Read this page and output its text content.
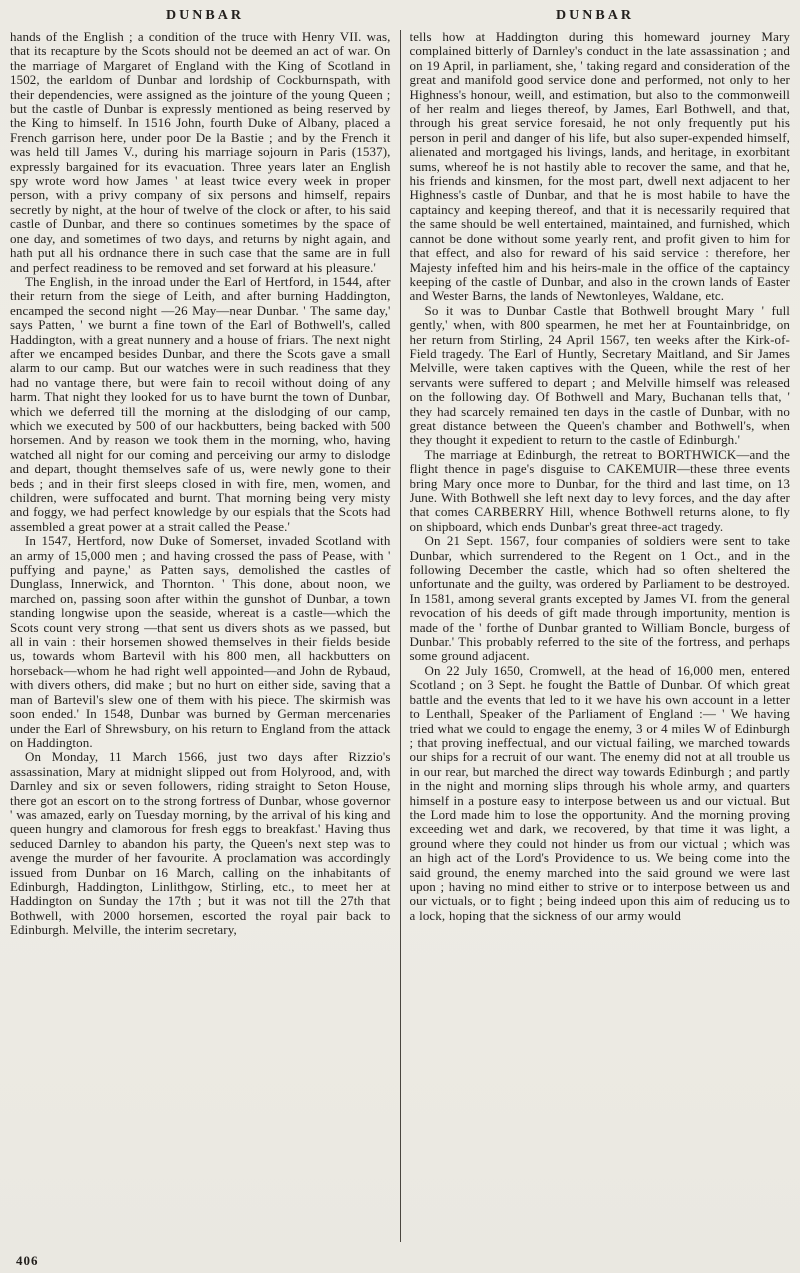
DUNBAR	DUNBAR

hands of the English ; a condition of the truce with Henry VII. was, that its recapture by the Scots should not be deemed an act of war. On the marriage of Margaret of England with the King of Scotland in 1502, the earldom of Dunbar and lordship of Cockburnspath, with their dependencies, were assigned as the jointure of the young Queen ; but the castle of Dunbar is expressly mentioned as being reserved by the King to himself. In 1516 John, fourth Duke of Albany, placed a French garrison here, under poor De la Bastie ; and by the French it was held till James V., during his marriage sojourn in Paris (1537), expressly bargained for its evacuation. Three years later an English spy wrote word how James ' at least twice every week in proper person, with a privy company of six persons and himself, repairs secretly by night, at the hour of twelve of the clock or after, to his said castle of Dunbar, and there so continues sometimes by the space of one day, and sometimes of two days, and returns by night again, and hath put all his ordnance there in such case that the same are in full and perfect readiness to be removed and set forward at his pleasure.'

The English, in the inroad under the Earl of Hertford, in 1544, after their return from the siege of Leith, and after burning Haddington, encamped the second night —26 May—near Dunbar. ' The same day,' says Patten, ' we burnt a fine town of the Earl of Bothwell's, called Haddington, with a great nunnery and a house of friars. The next night after we encamped besides Dunbar, and there the Scots gave a small alarm to our camp. But our watches were in such readiness that they had no vantage there, but were fain to recoil without doing of any harm. That night they looked for us to have burnt the town of Dunbar, which we deferred till the morning at the dislodging of our camp, which we executed by 500 of our hackbutters, being backed with 500 horsemen. And by reason we took them in the morning, who, having watched all night for our coming and perceiving our army to dislodge and depart, thought themselves safe of us, were newly gone to their beds ; and in their first sleeps closed in with fire, men, women, and children, were suffocated and burnt. That morning being very misty and foggy, we had perfect knowledge by our espials that the Scots had assembled a great power at a strait called the Pease.'

In 1547, Hertford, now Duke of Somerset, invaded Scotland with an army of 15,000 men ; and having crossed the pass of Pease, with ' puffying and payne,' as Patten says, demolished the castles of Dunglass, Innerwick, and Thornton. ' This done, about noon, we marched on, passing soon after within the gunshot of Dunbar, a town standing longwise upon the seaside, whereat is a castle—which the Scots count very strong —that sent us divers shots as we passed, but all in vain : their horsemen showed themselves in their fields beside us, towards whom Bartevil with his 800 men, all hackbutters on horseback—whom he had right well appointed—and John de Rybaud, with divers others, did make ; but no hurt on either side, saving that a man of Bartevil's slew one of them with his piece. The skirmish was soon ended.' In 1548, Dunbar was burned by German mercenaries under the Earl of Shrewsbury, on his return to England from the attack on Haddington.

On Monday, 11 March 1566, just two days after Rizzio's assassination, Mary at midnight slipped out from Holyrood, and, with Darnley and six or seven followers, riding straight to Seton House, there got an escort on to the strong fortress of Dunbar, whose governor ' was amazed, early on Tuesday morning, by the arrival of his king and queen hungry and clamorous for fresh eggs to breakfast.' Having thus seduced Darnley to abandon his party, the Queen's next step was to avenge the murder of her favourite. A proclamation was accordingly issued from Dunbar on 16 March, calling on the inhabitants of Edinburgh, Haddington, Linlithgow, Stirling, etc., to meet her at Haddington on Sunday the 17th ; but it was not till the 27th that Bothwell, with 2000 horsemen, escorted the royal pair back to Edinburgh. Melville, the interim secretary,

tells how at Haddington during this homeward journey Mary complained bitterly of Darnley's conduct in the late assassination ; and on 19 April, in parliament, she, ' taking regard and consideration of the great and manifold good service done and performed, not only to her Highness's honour, weill, and estimation, but also to the commonweill of her realm and lieges thereof, by James, Earl Bothwell, and that, through his great service foresaid, he not only frequently put his person in peril and danger of his life, but also super-expended himself, alienated and mortgaged his livings, lands, and heritage, in exorbitant sums, whereof he is not hastily able to recover the same, and that he, his friends and kinsmen, for the most part, dwell next adjacent to her Highness's castle of Dunbar, and that he is most habile to have the captaincy and keeping thereof, and that it is necessarily required that the same should be well entertained, maintained, and furnished, which cannot be done without some yearly rent, and profit given to him for that effect, and also for reward of his said service : therefore, her Majesty infefted him and his heirs-male in the office of the captaincy keeping of the castle of Dunbar, and also in the crown lands of Easter and Wester Barns, the lands of Newtonleyes, Waldane, etc.

So it was to Dunbar Castle that Bothwell brought Mary ' full gently,' when, with 800 spearmen, he met her at Fountainbridge, on her return from Stirling, 24 April 1567, ten weeks after the Kirk-of-Field tragedy. The Earl of Huntly, Secretary Maitland, and Sir James Melville, were taken captives with the Queen, while the rest of her servants were suffered to depart ; and Melville himself was released on the following day. Of Bothwell and Mary, Buchanan tells that, ' they had scarcely remained ten days in the castle of Dunbar, with no great distance between the Queen's chamber and Bothwell's, when they thought it expedient to return to the castle of Edinburgh.'

The marriage at Edinburgh, the retreat to BORTHWICK—and the flight thence in page's disguise to CAKEMUIR—these three events bring Mary once more to Dunbar, for the third and last time, on 13 June. With Bothwell she left next day to levy forces, and the day after that comes CARBERRY Hill, whence Bothwell returns alone, to fly on shipboard, which ends Dunbar's great three-act tragedy.

On 21 Sept. 1567, four companies of soldiers were sent to take Dunbar, which surrendered to the Regent on 1 Oct., and in the following December the castle, which had so often sheltered the unfortunate and the guilty, was ordered by Parliament to be destroyed. In 1581, among several grants excepted by James VI. from the general revocation of his deeds of gift made through importunity, mention is made of the ' forthe of Dunbar granted to William Boncle, burgess of Dunbar.' This probably referred to the site of the fortress, and perhaps some ground adjacent.

On 22 July 1650, Cromwell, at the head of 16,000 men, entered Scotland ; on 3 Sept. he fought the Battle of Dunbar. Of which great battle and the events that led to it we have his own account in a letter to Lenthall, Speaker of the Parliament of England :— ' We having tried what we could to engage the enemy, 3 or 4 miles W of Edinburgh ; that proving ineffectual, and our victual failing, we marched towards our ships for a recruit of our want. The enemy did not at all trouble us in our rear, but marched the direct way towards Edinburgh ; and partly in the night and morning slips through his whole army, and quarters himself in a posture easy to interpose between us and our victual. But the Lord made him to lose the opportunity. And the morning proving exceeding wet and dark, we recovered, by that time it was light, a ground where they could not hinder us from our victual ; which was an high act of the Lord's Providence to us. We being come into the said ground, the enemy marched into the said ground we were last upon ; having no mind either to strive or to interpose between us and our victuals, or to fight ; being indeed upon this aim of reducing us to a lock, hoping that the sickness of our army would

406
